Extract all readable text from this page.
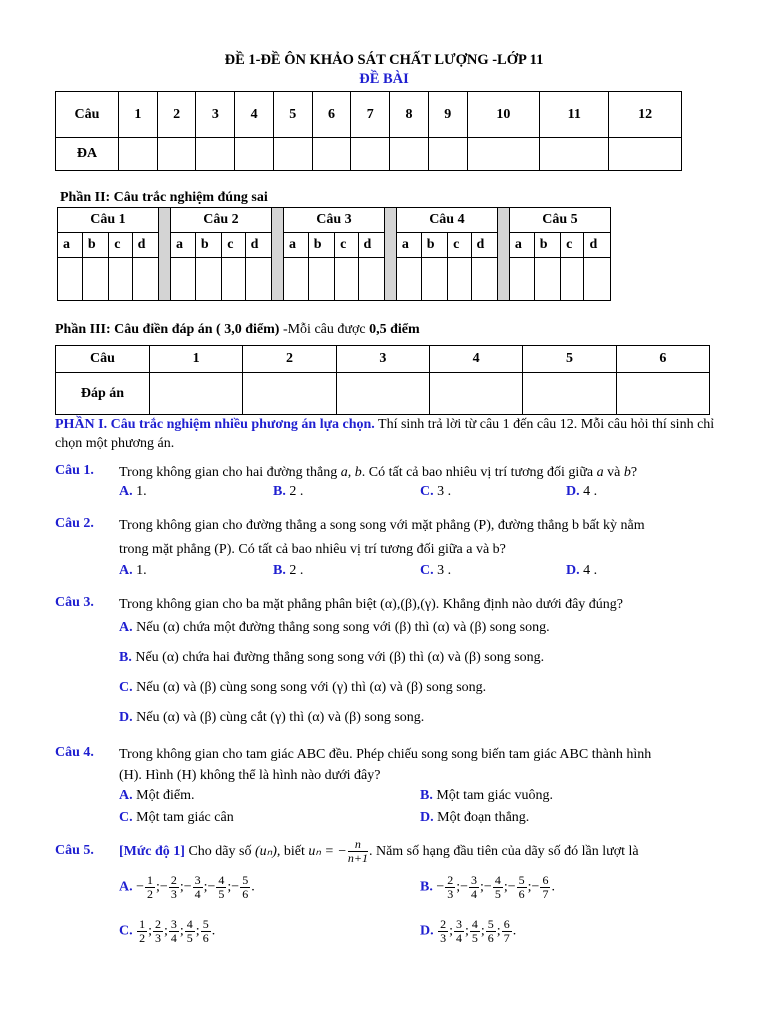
ĐỀ 1-ĐỀ ÔN KHẢO SÁT CHẤT LƯỢNG -LỚP 11
ĐỀ BÀI
Câu	1	2	3	4	5	6	7	8	9	10	11	12
ĐA												
Phần II: Câu trắc nghiệm đúng sai
Câu 1					Câu 2					Câu 3					Câu 4					Câu 5			
a	b	c	d		a	b	c	d		a	b	c	d		a	b	c	d		a	b	c	d

Phần III: Câu điền đáp án ( 3,0 điểm) -Mỗi câu được 0,5 điểm
Câu	1	2	3	4	5	6
Đáp án						
PHẦN I. Câu trắc nghiệm nhiều phương án lựa chọn. Thí sinh trả lời từ câu 1 đến câu 12. Mỗi câu hỏi thí sinh chỉ chọn một phương án.
Câu 1. Trong không gian cho hai đường thẳng a, b. Có tất cả bao nhiêu vị trí tương đối giữa a và b?
A. 1.	B. 2 .	C. 3 .	D. 4 .
Câu 2. Trong không gian cho đường thẳng a song song với mặt phẳng (P), đường thẳng b bất kỳ nằm
trong mặt phẳng (P). Có tất cả bao nhiêu vị trí tương đối giữa a và b?
A. 1.	B. 2 .	C. 3 .	D. 4 .
Câu 3. Trong không gian cho ba mặt phẳng phân biệt (α),(β),(γ). Khẳng định nào dưới đây đúng?
A. Nếu (α) chứa một đường thẳng song song với (β) thì (α) và (β) song song.
B. Nếu (α) chứa hai đường thẳng song song với (β) thì (α) và (β) song song.
C. Nếu (α) và (β) cùng song song với (γ) thì (α) và (β) song song.
D. Nếu (α) và (β) cùng cắt (γ) thì (α) và (β) song song.
Câu 4. Trong không gian cho tam giác ABC đều. Phép chiếu song song biến tam giác ABC thành hình
(H). Hình (H) không thể là hình nào dưới đây?
A. Một điểm.	B. Một tam giác vuông.
C. Một tam giác cân	D. Một đoạn thẳng.
Câu 5. [Mức độ 1] Cho dãy số (uₙ), biết uₙ = − $\frac{n}{n+1}$ . Năm số hạng đầu tiên của dãy số đó lần lượt là
A. − $\frac{1}{2}$ ;− $\frac{2}{3}$ ;− $\frac{3}{4}$ ;− $\frac{4}{5}$ ;− $\frac{5}{6}$ .	B. − $\frac{2}{3}$ ;− $\frac{3}{4}$ ;− $\frac{4}{5}$ ;− $\frac{5}{6}$ ;− $\frac{6}{7}$ .
C. $\frac{1}{2}$ ; $\frac{2}{3}$ ; $\frac{3}{4}$ ; $\frac{4}{5}$ ; $\frac{5}{6}$ .	D. $\frac{2}{3}$ ; $\frac{3}{4}$ ; $\frac{4}{5}$ ; $\frac{5}{6}$ ; $\frac{6}{7}$ .
